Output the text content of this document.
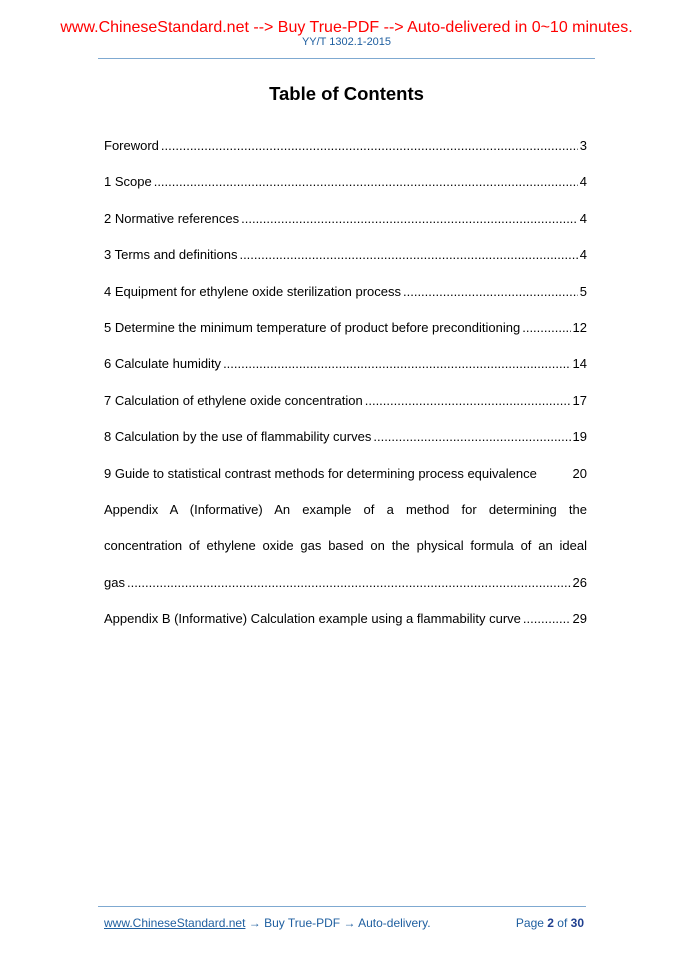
www.ChineseStandard.net --> Buy True-PDF --> Auto-delivered in 0~10 minutes.
YY/T 1302.1-2015
Table of Contents
Foreword .....	3
1 Scope .....	4
2 Normative references .....	4
3 Terms and definitions .....	4
4 Equipment for ethylene oxide sterilization process .....	5
5 Determine the minimum temperature of product before preconditioning .....	12
6 Calculate humidity .....	14
7 Calculation of ethylene oxide concentration .....	17
8 Calculation by the use of flammability curves .....	19
9 Guide to statistical contrast methods for determining process equivalence	20
Appendix A (Informative) An example of a method for determining the
concentration of ethylene oxide gas based on the physical formula of an ideal
gas .....	26
Appendix B (Informative) Calculation example using a flammability curve .....	29
www.ChineseStandard.net → Buy True-PDF → Auto-delivery.	Page 2 of 30
